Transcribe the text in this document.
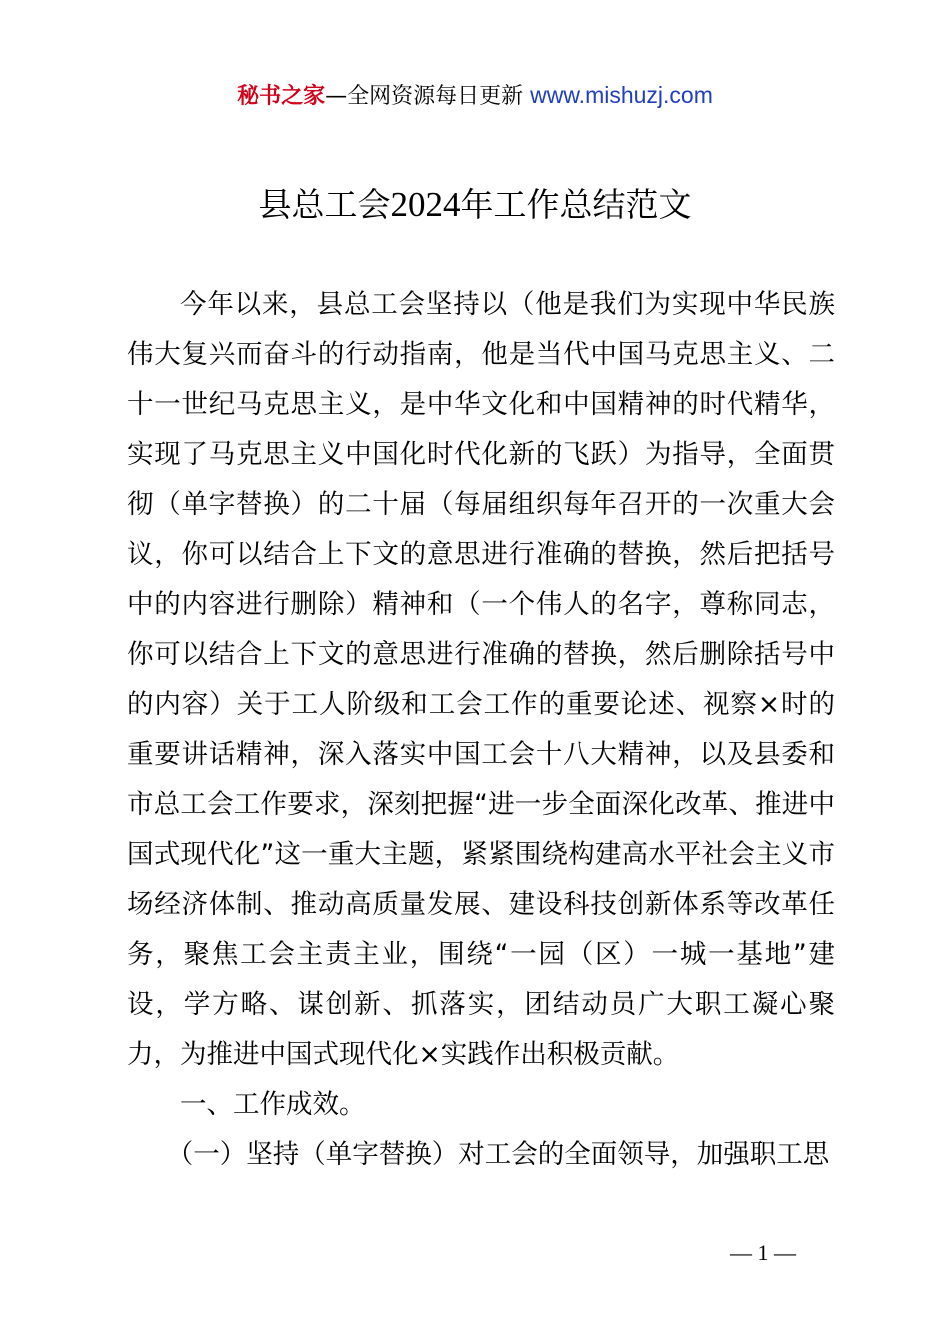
秘书之家—全网资源每日更新 www.mishuzj.com
县总工会2024年工作总结范文

今年以来，县总工会坚持以（他是我们为实现中华民族伟大复兴而奋斗的行动指南，他是当代中国马克思主义、二十一世纪马克思主义，是中华文化和中国精神的时代精华，实现了马克思主义中国化时代化新的飞跃）为指导，全面贯彻（单字替换）的二十届（每届组织每年召开的一次重大会议，你可以结合上下文的意思进行准确的替换，然后把括号中的内容进行删除）精神和（一个伟人的名字，尊称同志，你可以结合上下文的意思进行准确的替换，然后删除括号中的内容）关于工人阶级和工会工作的重要论述、视察×时的重要讲话精神，深入落实中国工会十八大精神，以及县委和市总工会工作要求，深刻把握“进一步全面深化改革、推进中国式现代化”这一重大主题，紧紧围绕构建高水平社会主义市场经济体制、推动高质量发展、建设科技创新体系等改革任务，聚焦工会主责主业，围绕“一园（区）一城一基地”建设，学方略、谋创新、抓落实，团结动员广大职工凝心聚力，为推进中国式现代化×实践作出积极贡献。

一、工作成效。

（一）坚持（单字替换）对工会的全面领导，加强职工思

— 1 —
